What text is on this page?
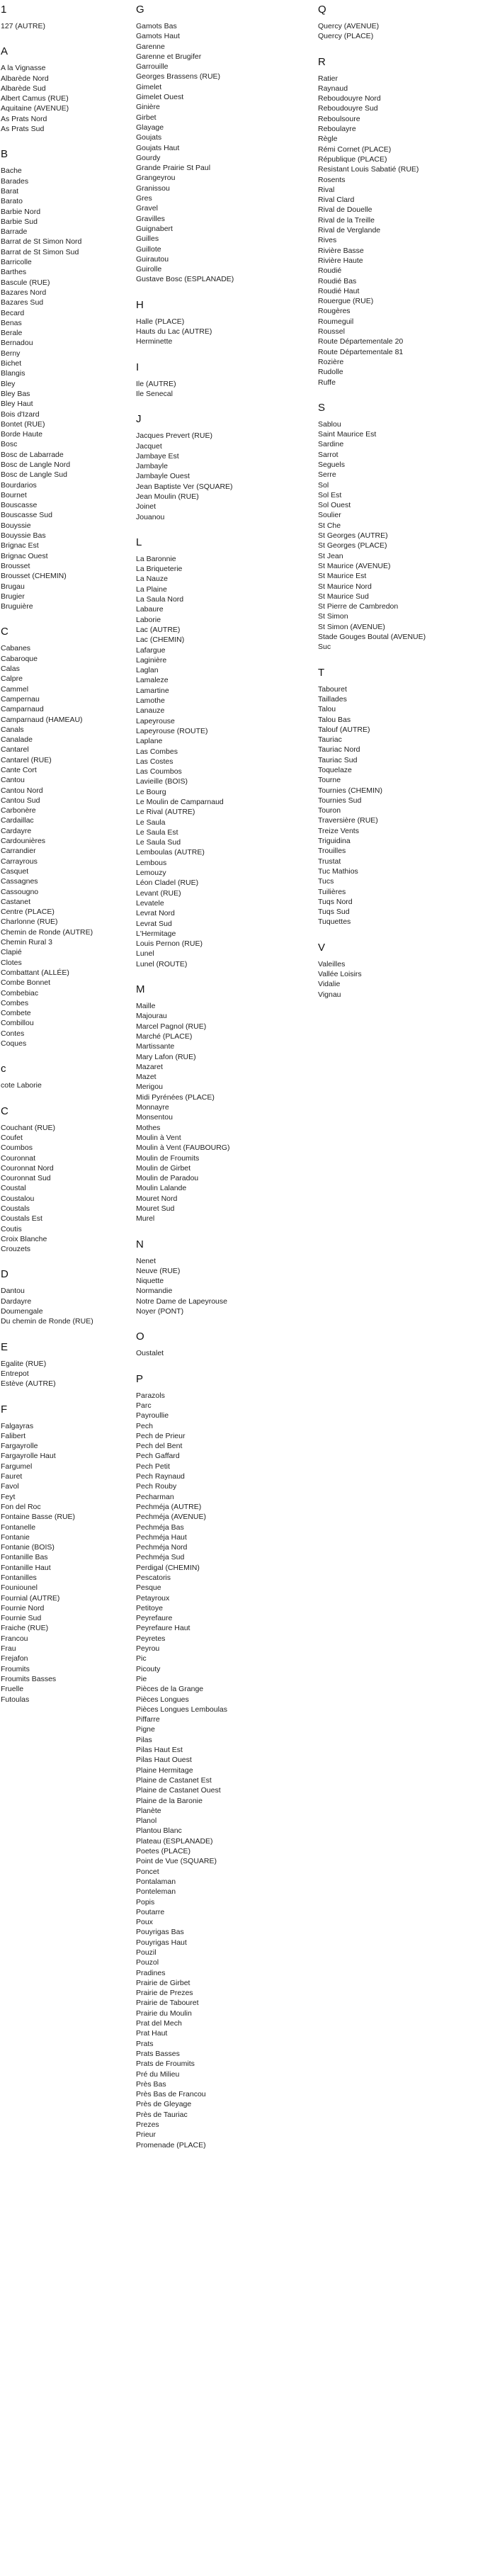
1
127 (AUTRE)
A
A la Vignasse
Albarède Nord
Albarède Sud
Albert Camus (RUE)
Aquitaine (AVENUE)
As Prats Nord
As Prats Sud
B
Bache
Barades
Barat
Barato
Barbie Nord
Barbie Sud
Barrade
Barrat de St Simon Nord
Barrat de St Simon Sud
Barricolle
Barthes
Bascule (RUE)
Bazares Nord
Bazares Sud
Becard
Benas
Berale
Bernadou
Berny
Bichet
Blangis
Bley
Bley Bas
Bley Haut
Bois d'Izard
Bontet (RUE)
Borde Haute
Bosc
Bosc de Labarrade
Bosc de Langle Nord
Bosc de Langle Sud
Bourdarios
Bournet
Bouscasse
Bouscasse Sud
Bouyssie
Bouyssie Bas
Brignac Est
Brignac Ouest
Brousset
Brousset (CHEMIN)
Brugau
Brugier
Bruguière
C
Cabanes
Cabaroque
Calas
Calpre
Cammel
Campernau
Camparnaud
Camparnaud (HAMEAU)
Canals
Canalade
Cantarel
Cantarel (RUE)
Cante Cort
Cantou
Cantou Nord
Cantou Sud
Carbonère
Cardaillac
Cardayre
Cardounières
Carrandier
Carrayrous
Casquet
Cassagnes
Cassougno
Castanet
Centre (PLACE)
Charlonne (RUE)
Chemin de Ronde (AUTRE)
Chemin Rural 3
Clapié
Clotes
Combattant (ALLÉE)
Combe Bonnet
Combebiac
Combes
Combete
Combillou
Contes
Coques
c
cote Laborie
C
Couchant (RUE)
Coufet
Coumbos
Couronnat
Couronnat Nord
Couronnat Sud
Coustal
Coustalou
Coustals
Coustals Est
Coutis
Croix Blanche
Crouzets
D
Dantou
Dardayre
Doumengale
Du chemin de Ronde (RUE)
E
Egalite (RUE)
Entrepot
Estève (AUTRE)
F
Falgayras
Falibert
Fargayrolle
Fargayrolle Haut
Fargumel
Fauret
Favol
Feyt
Fon del Roc
Fontaine Basse (RUE)
Fontanelle
Fontanie
Fontanie (BOIS)
Fontanille Bas
Fontanille Haut
Fontanilles
Founiounel
Fournial (AUTRE)
Fournie Nord
Fournie Sud
Fraiche (RUE)
Francou
Frau
Frejafon
Froumits
Froumits Basses
Fruelle
Futoulas
G
Gamots Bas
Gamots Haut
Garenne
Garenne et Brugifer
Garrouille
Georges Brassens (RUE)
Gimelet
Gimelet Ouest
Ginière
Girbet
Glayage
Goujats
Goujats Haut
Gourdy
Grande Prairie St Paul
Grangeyrou
Granissou
Gres
Gravel
Gravilles
Guignabert
Guilles
Guillote
Guirautou
Guirolle
Gustave Bosc (ESPLANADE)
H
Halle (PLACE)
Hauts du Lac (AUTRE)
Herminette
I
Ile (AUTRE)
Ile Senecal
J
Jacques Prevert (RUE)
Jacquet
Jambaye Est
Jambayle
Jambayle Ouest
Jean Baptiste Ver (SQUARE)
Jean Moulin (RUE)
Joinet
Jouanou
L
La Baronnie
La Briqueterie
La Nauze
La Plaine
La Saula Nord
Labaure
Laborie
Lac (AUTRE)
Lac (CHEMIN)
Lafargue
Laginière
Laglan
Lamaleze
Lamartine
Lamothe
Lanauze
Lapeyrouse
Lapeyrouse (ROUTE)
Laplane
Las Combes
Las Costes
Las Coumbos
Lavieille (BOIS)
Le Bourg
Le Moulin de Camparnaud
Le Rival (AUTRE)
Le Saula
Le Saula Est
Le Saula Sud
Lemboulas (AUTRE)
Lembous
Lemouzy
Léon Cladel (RUE)
Levant (RUE)
Levatele
Levrat Nord
Levrat Sud
L'Hermitage
Louis Pernon (RUE)
Lunel
Lunel (ROUTE)
M
Maille
Majourau
Marcel Pagnol (RUE)
Marché (PLACE)
Martissante
Mary Lafon (RUE)
Mazaret
Mazet
Merigou
Midi Pyrénées (PLACE)
Monnayre
Monsentou
Mothes
Moulin à Vent
Moulin à Vent (FAUBOURG)
Moulin de Froumits
Moulin de Girbet
Moulin de Paradou
Moulin Lalande
Mouret Nord
Mouret Sud
Murel
N
Nenet
Neuve (RUE)
Niquette
Normandie
Notre Dame de Lapeyrouse
Noyer (PONT)
O
Oustalet
P
Parazols
Parc
Payroullie
Pech
Pech de Prieur
Pech del Bent
Pech Gaffard
Pech Petit
Pech Raynaud
Pech Rouby
Pecharman
Pechméja (AUTRE)
Pechméja (AVENUE)
Pechméja Bas
Pechméja Haut
Pechméja Nord
Pechméja Sud
Perdigal (CHEMIN)
Pescatoris
Pesque
Petayroux
Petitoye
Peyrefaure
Peyrefaure Haut
Peyretes
Peyrou
Pic
Picouty
Pie
Pièces de la Grange
Pièces Longues
Pièces Longues Lemboulas
Piffarre
Pigne
Pilas
Pilas Haut Est
Pilas Haut Ouest
Plaine Hermitage
Plaine de Castanet Est
Plaine de Castanet Ouest
Plaine de la Baronie
Planète
Planol
Plantou Blanc
Plateau (ESPLANADE)
Poetes (PLACE)
Point de Vue (SQUARE)
Poncet
Pontalaman
Ponteleman
Popis
Poutarre
Poux
Pouyrigas Bas
Pouyrigas Haut
Pouzil
Pouzol
Pradines
Prairie de Girbet
Prairie de Prezes
Prairie de Tabouret
Prairie du Moulin
Prat del Mech
Prat Haut
Prats
Prats Basses
Prats de Froumits
Pré du Milieu
Près Bas
Près Bas de Francou
Près de Gleyage
Près de Tauriac
Prezes
Prieur
Promenade (PLACE)
Q
Quercy (AVENUE)
Quercy (PLACE)
R
Ratier
Raynaud
Reboudouyre Nord
Reboudouyre Sud
Reboulsoure
Reboulayre
Règle
Rémi Cornet (PLACE)
République (PLACE)
Resistant Louis Sabatié (RUE)
Rosents
Rival
Rival Clard
Rival de Douelle
Rival de la Treille
Rival de Verglande
Rives
Rivière Basse
Rivière Haute
Roudié
Roudié Bas
Roudié Haut
Rouergue (RUE)
Rougères
Roumeguil
Roussel
Route Départementale 20
Route Départementale 81
Rozière
Rudolle
Ruffe
S
Sablou
Saint Maurice Est
Sardine
Sarrot
Seguels
Serre
Sol
Sol Est
Sol Ouest
Soulier
St Che
St Georges (AUTRE)
St Georges (PLACE)
St Jean
St Maurice (AVENUE)
St Maurice Est
St Maurice Nord
St Maurice Sud
St Pierre de Cambredon
St Simon
St Simon (AVENUE)
Stade Gouges Boutal (AVENUE)
Suc
T
Tabouret
Taillades
Talou
Talou Bas
Talouf (AUTRE)
Tauriac
Tauriac Nord
Tauriac Sud
Toquelaze
Tourne
Tournies (CHEMIN)
Tournies Sud
Touron
Traversière (RUE)
Treize Vents
Triguidina
Trouilles
Trustat
Tuc Mathios
Tucs
Tuilières
Tuqs Nord
Tuqs Sud
Tuquettes
V
Valeilles
Vallée Loisirs
Vidalie
Vignau
